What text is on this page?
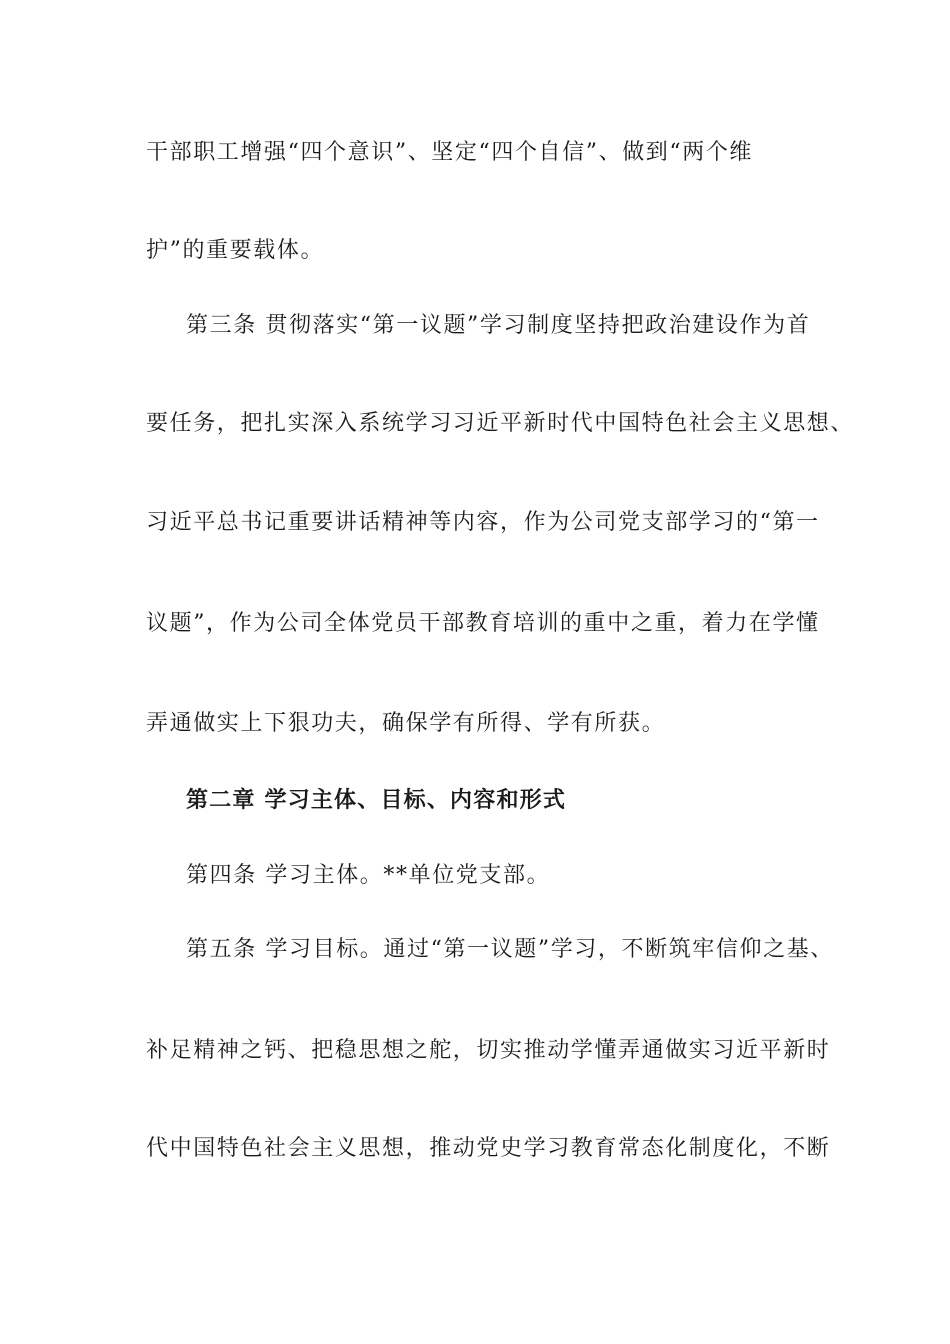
干部职工增强“四个意识”、坚定“四个自信”、做到“两个维
护”的重要载体。
第三条 贯彻落实“第一议题”学习制度坚持把政治建设作为首
要任务，把扎实深入系统学习习近平新时代中国特色社会主义思想、
习近平总书记重要讲话精神等内容，作为公司党支部学习的“第一
议题”，作为公司全体党员干部教育培训的重中之重，着力在学懂
弄通做实上下狠功夫，确保学有所得、学有所获。
第二章 学习主体、目标、内容和形式
第四条 学习主体。**单位党支部。
第五条 学习目标。通过“第一议题”学习，不断筑牢信仰之基、
补足精神之钙、把稳思想之舵，切实推动学懂弄通做实习近平新时
代中国特色社会主义思想，推动党史学习教育常态化制度化，不断
